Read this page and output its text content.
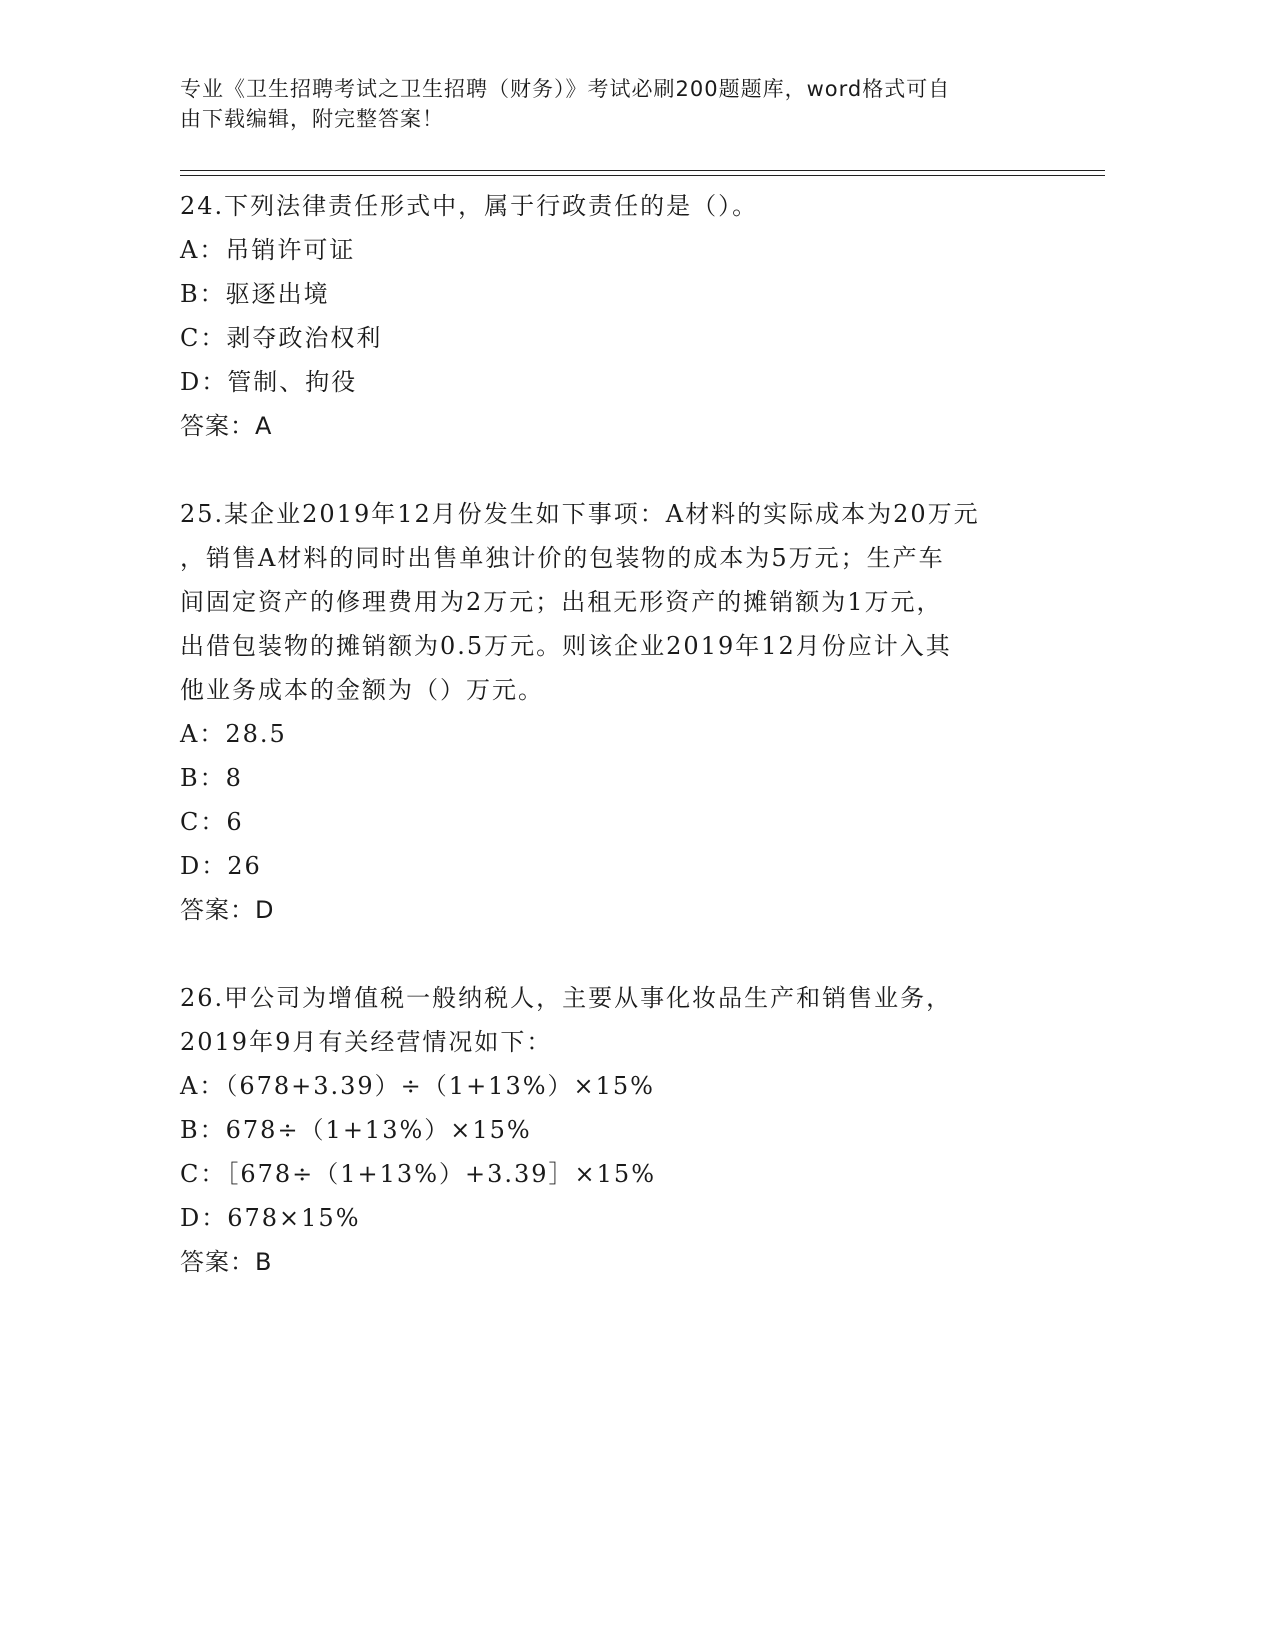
专业《卫生招聘考试之卫生招聘（财务）》考试必刷200题题库，word格式可自
由下载编辑，附完整答案！
24.下列法律责任形式中，属于行政责任的是（）。
A：吊销许可证
B：驱逐出境
C：剥夺政治权利
D：管制、拘役
答案：A
25.某企业2019年12月份发生如下事项：A材料的实际成本为20万元
，销售A材料的同时出售单独计价的包装物的成本为5万元；生产车
间固定资产的修理费用为2万元；出租无形资产的摊销额为1万元，
出借包装物的摊销额为0.5万元。则该企业2019年12月份应计入其
他业务成本的金额为（）万元。
A：28.5
B：8
C：6
D：26
答案：D
26.甲公司为增值税一般纳税人，主要从事化妆品生产和销售业务，
2019年9月有关经营情况如下：
A：（678+3.39）÷（1+13%）×15%
B：678÷（1+13%）×15%
C：［678÷（1+13%）+3.39］×15%
D：678×15%
答案：B
